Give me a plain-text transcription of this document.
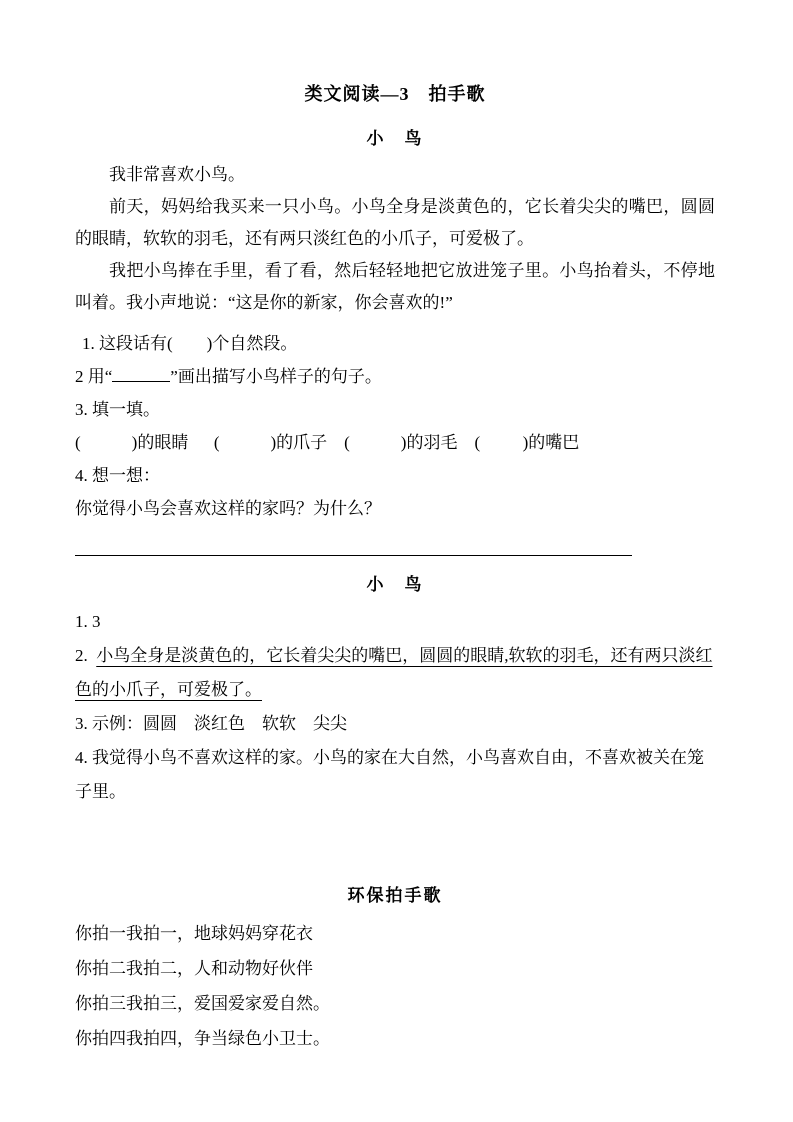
类文阅读—3　拍手歌
小　鸟

我非常喜欢小鸟。

前天，妈妈给我买来一只小鸟。小鸟全身是淡黄色的，它长着尖尖的嘴巴，圆圆的眼睛，软软的羽毛，还有两只淡红色的小爪子，可爱极了。

我把小鸟捧在手里，看了看，然后轻轻地把它放进笼子里。小鸟抬着头，不停地叫着。我小声地说：“这是你的新家，你会喜欢的!”

1. 这段话有(        )个自然段。

2 用“	”画出描写小鸟样子的句子。

3. 填一填。

(            )的眼睛      (            )的爪子    (            )的羽毛    (          )的嘴巴

4. 想一想：

你觉得小鸟会喜欢这样的家吗？为什么？

小　鸟

1. 3

2.  小鸟全身是淡黄色的，它长着尖尖的嘴巴，圆圆的眼睛,软软的羽毛，还有两只淡红色的小爪子，可爱极了。

3. 示例：圆圆    淡红色    软软    尖尖

4. 我觉得小鸟不喜欢这样的家。小鸟的家在大自然，小鸟喜欢自由，不喜欢被关在笼子里。

环保拍手歌

你拍一我拍一，地球妈妈穿花衣

你拍二我拍二，人和动物好伙伴

你拍三我拍三，爱国爱家爱自然。

你拍四我拍四，争当绿色小卫士。
